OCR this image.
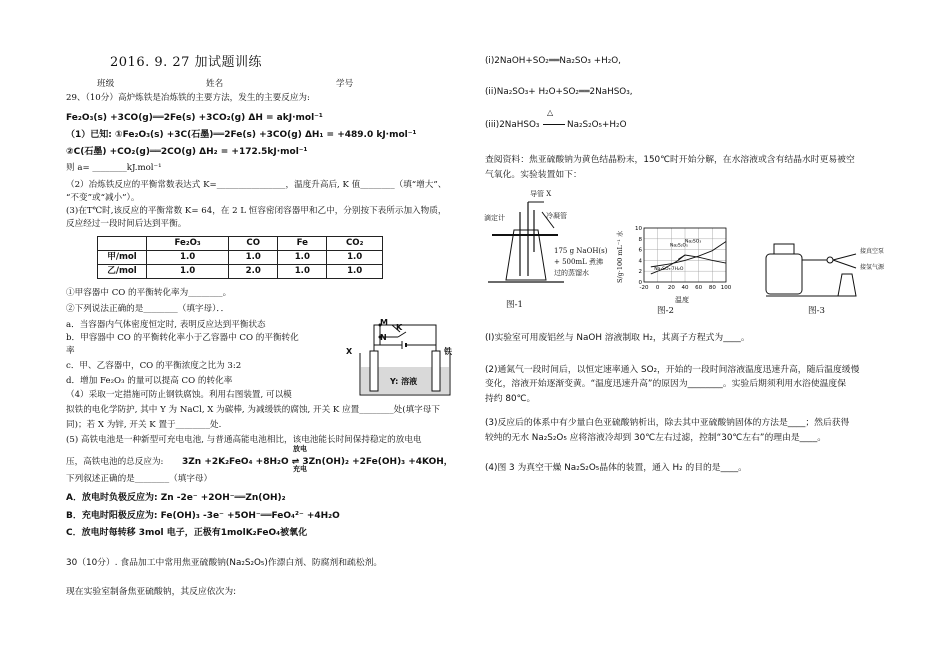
2016. 9. 27 加试题训练
班级	姓名	学号
29、（10分）高炉炼铁是冶炼铁的主要方法，发生的主要反应为:
Fe₂O₃(s) +3CO(g)══2Fe(s) +3CO₂(g) ΔH = akJ·mol⁻¹
（1）已知: ①Fe₂O₃(s) +3C(石墨)══2Fe(s) +3CO(g) ΔH₁ = +489.0 kJ·mol⁻¹
②C(石墨) +CO₂(g)══2CO(g) ΔH₂ = +172.5kJ·mol⁻¹
则 a= ________kJ.mol⁻¹
（2）冶炼铁反应的平衡常数表达式 K=________________，温度升高后, K 值________（填“增大”、
“不变”或“减小”）。
(3)在T℃时,该反应的平衡常数 K= 64，在 2 L 恒容密闭容器甲和乙中，分别按下表所示加入物质，
反应经过一段时间后达到平衡。
	Fe₂O₃	CO	Fe	CO₂
甲/mol	1.0	1.0	1.0	1.0
乙/mol	1.0	2.0	1.0	1.0
①甲容器中 CO 的平衡转化率为________。
②下列说法正确的是________（填字母）．．
a．当容器内气体密度恒定时, 表明反应达到平衡状态
b．甲容器中 CO 的平衡转化率小于乙容器中 CO 的平衡转化
率
c．甲、乙容器中，CO 的平衡浓度之比为 3:2
d．增加 Fe₂O₃ 的量可以提高 CO 的转化率
（4）采取一定措施可防止钢铁腐蚀。利用右图装置, 可以模
拟铁的电化学防护, 其中 Y 为 NaCl, X 为碳棒, 为减缓铁的腐蚀, 开关 K 应置________处(填字母下
同)；若 X 为锌, 开关 K 置于________处.
(5) 高铁电池是一种新型可充电电池, 与普通高能电池相比，该电池能长时间保持稳定的放电电
压，高铁电池的总反应为: 3Zn +2K₂FeO₄ +8H₂O ⇌ 3Zn(OH)₂ +2Fe(OH)₃ +4KOH，
放电
充电
下列叙述正确的是________（填字母）
A．放电时负极反应为: Zn -2e⁻ +2OH⁻══Zn(OH)₂
B．充电时阳极反应为: Fe(OH)₃ -3e⁻ +5OH⁻══FeO₄²⁻ +4H₂O
C．放电时每转移 3mol 电子，正极有1molK₂FeO₄被氧化
M
N
K
X	铁
Y: 溶液
30（10分）. 食品加工中常用焦亚硫酸钠(Na₂S₂O₅)作漂白剂、防腐剂和疏松剂。
现在实验室制备焦亚硫酸钠，其反应依次为:
(ⅰ)2NaOH+SO₂══Na₂SO₃ +H₂O,
(ii)Na₂SO₃+ H₂O+SO₂══2NaHSO₃,
(iii)2NaHSO₃
△
Na₂S₂O₅+H₂O
查阅资料：焦亚硫酸钠为黄色结晶粉末，150℃时开始分解，在水溶液或含有结晶水时更易被空
气氧化。实验装置如下：
导管 X
滴定计	冷凝管
175 g NaOH(s)
+ 500mL 煮沸
过的蒸馏水
图-1
-20 0 20 40 60 80 100
0
2
4
6
8
10
Na₂SO₃
Na₂S₂O₅
Na₂SO₃·7H₂O
S/g·100 mL⁻¹ 水
温度
图-2
接真空泵
接氢气源
图-3
(I)实验室可用废铝丝与 NaOH 溶液制取 H₂，其离子方程式为____。
(2)通氮气一段时间后，以恒定速率通入 SO₂，开始的一段时间溶液温度迅速升高，随后温度缓慢
变化，溶液开始逐渐变黄。“温度迅速升高”的原因为________。实验后期须利用水浴使温度保
持约 80℃。
(3)反应后的体系中有少量白色亚硫酸钠析出，除去其中亚硫酸钠固体的方法是____；然后获得
较纯的无水 Na₂S₂O₅ 应将溶液冷却到 30℃左右过滤，控制“30℃左右”的理由是____。
(4)图 3 为真空干燥 Na₂S₂O₅晶体的装置，通入 H₂ 的目的是____。
